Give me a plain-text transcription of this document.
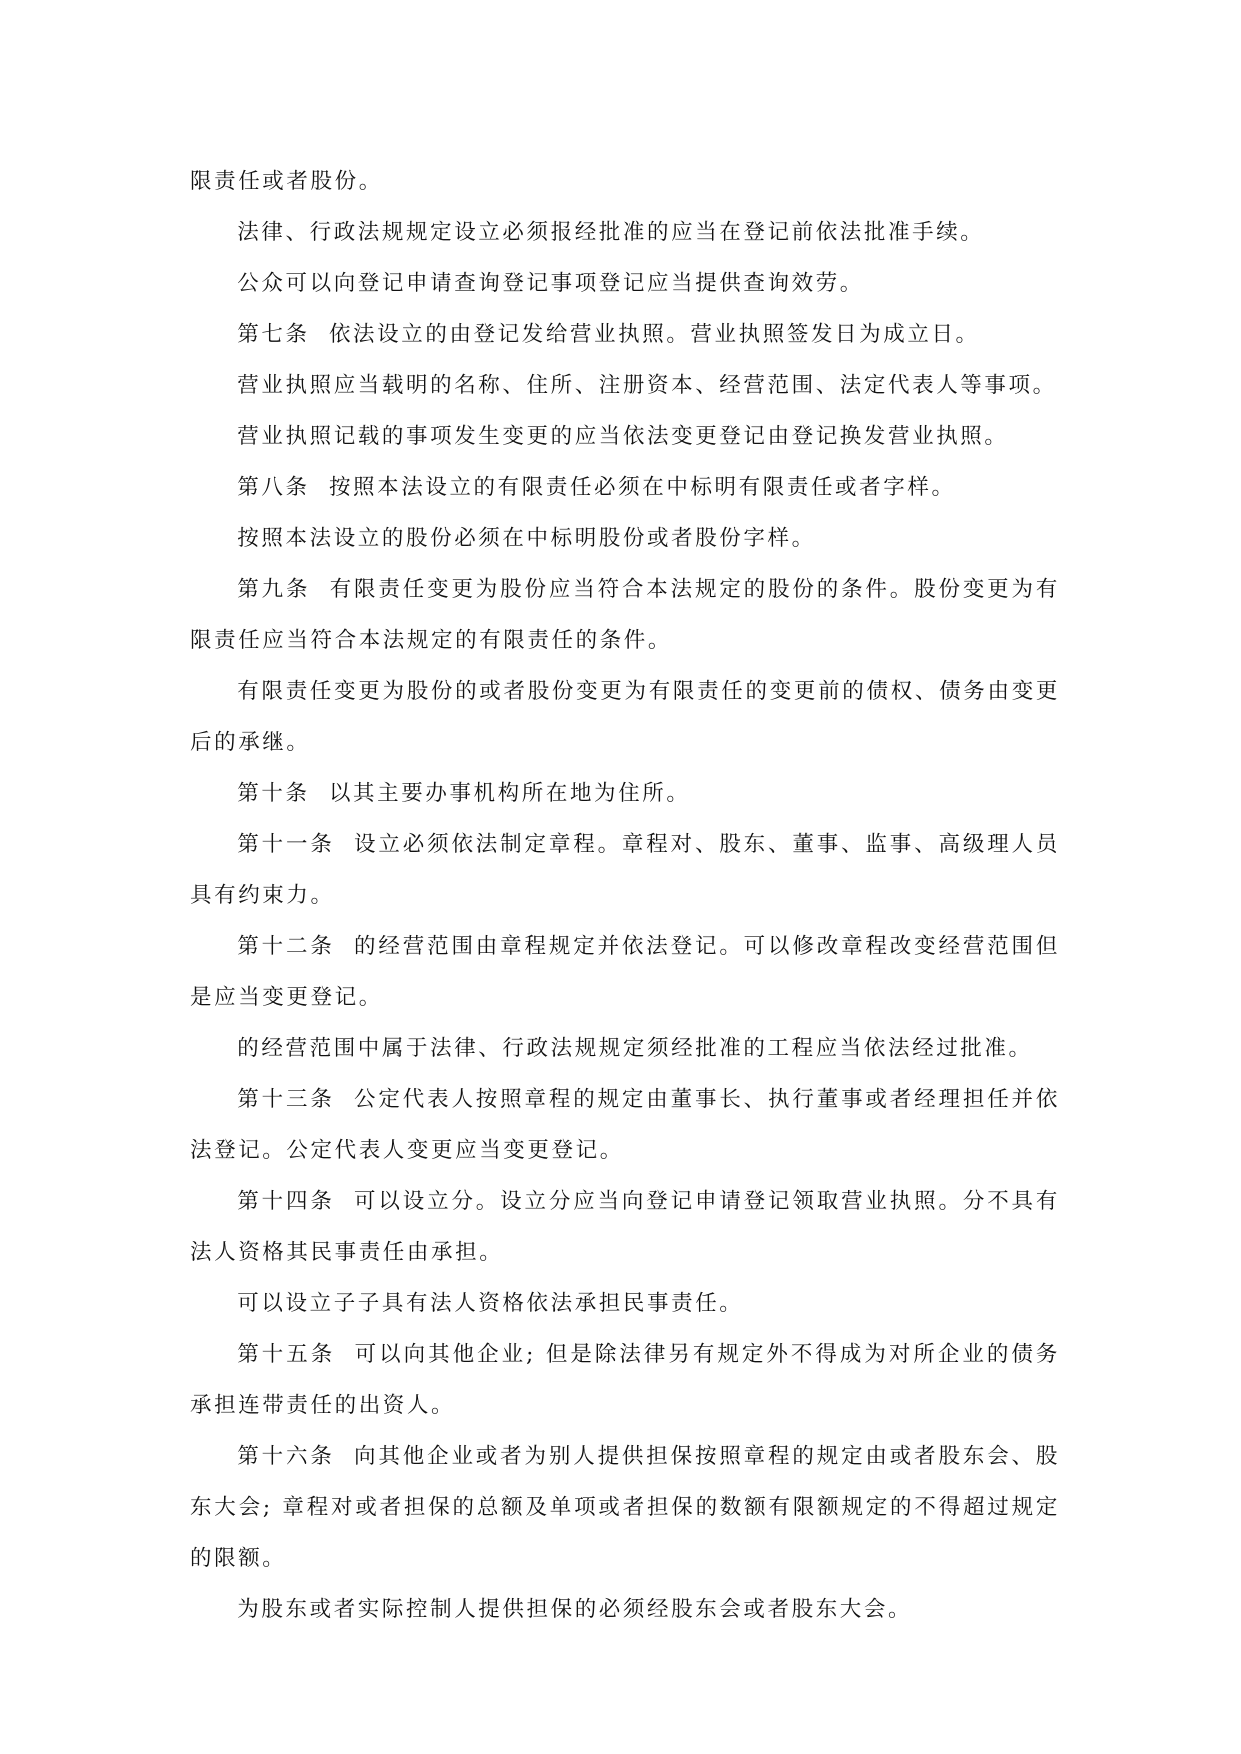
限责任或者股份。

法律、行政法规规定设立必须报经批准的应当在登记前依法批准手续。

公众可以向登记申请查询登记事项登记应当提供查询效劳。

第七条 依法设立的由登记发给营业执照。营业执照签发日为成立日。

营业执照应当载明的名称、住所、注册资本、经营范围、法定代表人等事项。

营业执照记载的事项发生变更的应当依法变更登记由登记换发营业执照。

第八条 按照本法设立的有限责任必须在中标明有限责任或者字样。

按照本法设立的股份必须在中标明股份或者股份字样。

第九条 有限责任变更为股份应当符合本法规定的股份的条件。股份变更为有限责任应当符合本法规定的有限责任的条件。

有限责任变更为股份的或者股份变更为有限责任的变更前的债权、债务由变更后的承继。

第十条 以其主要办事机构所在地为住所。

第十一条 设立必须依法制定章程。章程对、股东、董事、监事、高级理人员具有约束力。

第十二条 的经营范围由章程规定并依法登记。可以修改章程改变经营范围但是应当变更登记。

的经营范围中属于法律、行政法规规定须经批准的工程应当依法经过批准。

第十三条 公定代表人按照章程的规定由董事长、执行董事或者经理担任并依法登记。公定代表人变更应当变更登记。

第十四条 可以设立分。设立分应当向登记申请登记领取营业执照。分不具有法人资格其民事责任由承担。

可以设立子子具有法人资格依法承担民事责任。

第十五条 可以向其他企业; 但是除法律另有规定外不得成为对所企业的债务承担连带责任的出资人。

第十六条 向其他企业或者为别人提供担保按照章程的规定由或者股东会、股东大会; 章程对或者担保的总额及单项或者担保的数额有限额规定的不得超过规定的限额。

为股东或者实际控制人提供担保的必须经股东会或者股东大会。
